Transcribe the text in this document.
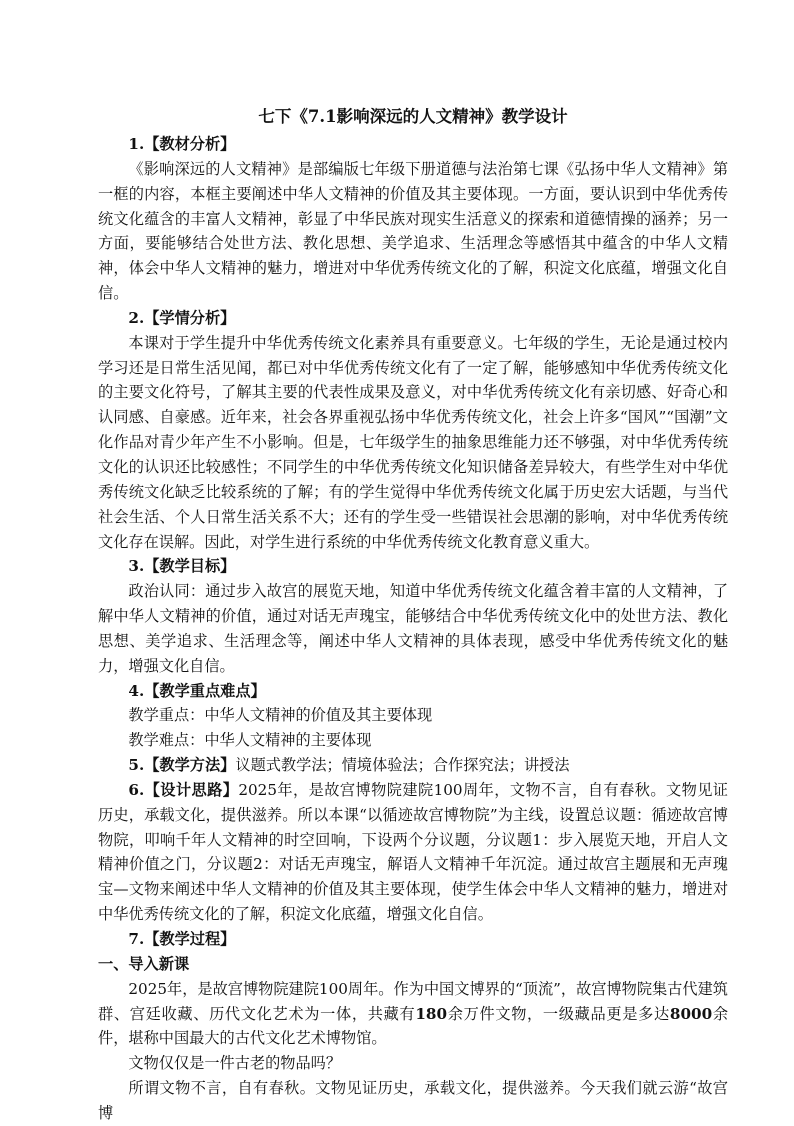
七下《7.1影响深远的人文精神》教学设计

1.【教材分析】

《影响深远的人文精神》是部编版七年级下册道德与法治第七课《弘扬中华人文精神》第一框的内容，本框主要阐述中华人文精神的价值及其主要体现。一方面，要认识到中华优秀传统文化蕴含的丰富人文精神，彰显了中华民族对现实生活意义的探索和道德情操的涵养；另一方面，要能够结合处世方法、教化思想、美学追求、生活理念等感悟其中蕴含的中华人文精神，体会中华人文精神的魅力，增进对中华优秀传统文化的了解，积淀文化底蕴，增强文化自信。

2.【学情分析】

本课对于学生提升中华优秀传统文化素养具有重要意义。七年级的学生，无论是通过校内学习还是日常生活见闻，都已对中华优秀传统文化有了一定了解，能够感知中华优秀传统文化的主要文化符号，了解其主要的代表性成果及意义，对中华优秀传统文化有亲切感、好奇心和认同感、自豪感。近年来，社会各界重视弘扬中华优秀传统文化，社会上许多“国风”“国潮”文化作品对青少年产生不小影响。但是，七年级学生的抽象思维能力还不够强，对中华优秀传统文化的认识还比较感性；不同学生的中华优秀传统文化知识储备差异较大，有些学生对中华优秀传统文化缺乏比较系统的了解；有的学生觉得中华优秀传统文化属于历史宏大话题，与当代社会生活、个人日常生活关系不大；还有的学生受一些错误社会思潮的影响，对中华优秀传统文化存在误解。因此，对学生进行系统的中华优秀传统文化教育意义重大。

3.【教学目标】

政治认同：通过步入故宫的展览天地，知道中华优秀传统文化蕴含着丰富的人文精神，了解中华人文精神的价值，通过对话无声瑰宝，能够结合中华优秀传统文化中的处世方法、教化思想、美学追求、生活理念等，阐述中华人文精神的具体表现，感受中华优秀传统文化的魅力，增强文化自信。

4.【教学重点难点】

教学重点：中华人文精神的价值及其主要体现

教学难点：中华人文精神的主要体现

5.【教学方法】议题式教学法；情境体验法；合作探究法；讲授法

6.【设计思路】2025年，是故宫博物院建院100周年，文物不言，自有春秋。文物见证历史，承载文化，提供滋养。所以本课“以循迹故宫博物院”为主线，设置总议题：循迹故宫博物院，叩响千年人文精神的时空回响，下设两个分议题，分议题1：步入展览天地，开启人文精神价值之门，分议题2：对话无声瑰宝，解语人文精神千年沉淀。通过故宫主题展和无声瑰宝—文物来阐述中华人文精神的价值及其主要体现，使学生体会中华人文精神的魅力，增进对中华优秀传统文化的了解，积淀文化底蕴，增强文化自信。

7.【教学过程】

一、导入新课

2025年，是故宫博物院建院100周年。作为中国文博界的“顶流”，故宫博物院集古代建筑群、宫廷收藏、历代文化艺术为一体，共藏有180余万件文物，一级藏品更是多达8000余件，堪称中国最大的古代文化艺术博物馆。

文物仅仅是一件古老的物品吗？

所谓文物不言，自有春秋。文物见证历史，承载文化，提供滋养。今天我们就云游“故宫博
